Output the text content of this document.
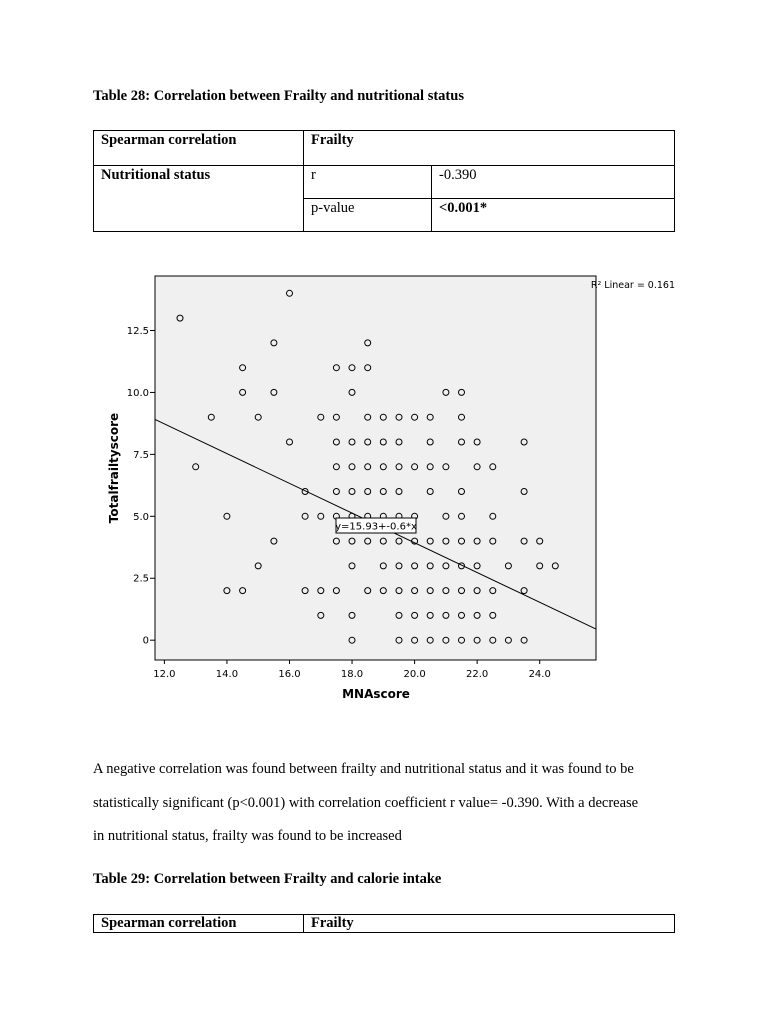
Table 28: Correlation between Frailty and nutritional status
Spearman correlation	Frailty	
Nutritional status	r	-0.390
	p-value	<0.001*
12.0	14.0	16.0	18.0	20.0	22.0	24.0
0
2.5
5.0
7.5
10.0
12.5
y=15.93+-0.6*x
R² Linear = 0.161
MNAscore
Totalfrailtyscore
A negative correlation was found between frailty and nutritional status and it was found to be
statistically significant (p<0.001) with correlation coefficient r value= -0.390. With a decrease
in nutritional status, frailty was found to be increased
Table 29: Correlation between Frailty and calorie intake
Spearman correlation	Frailty
